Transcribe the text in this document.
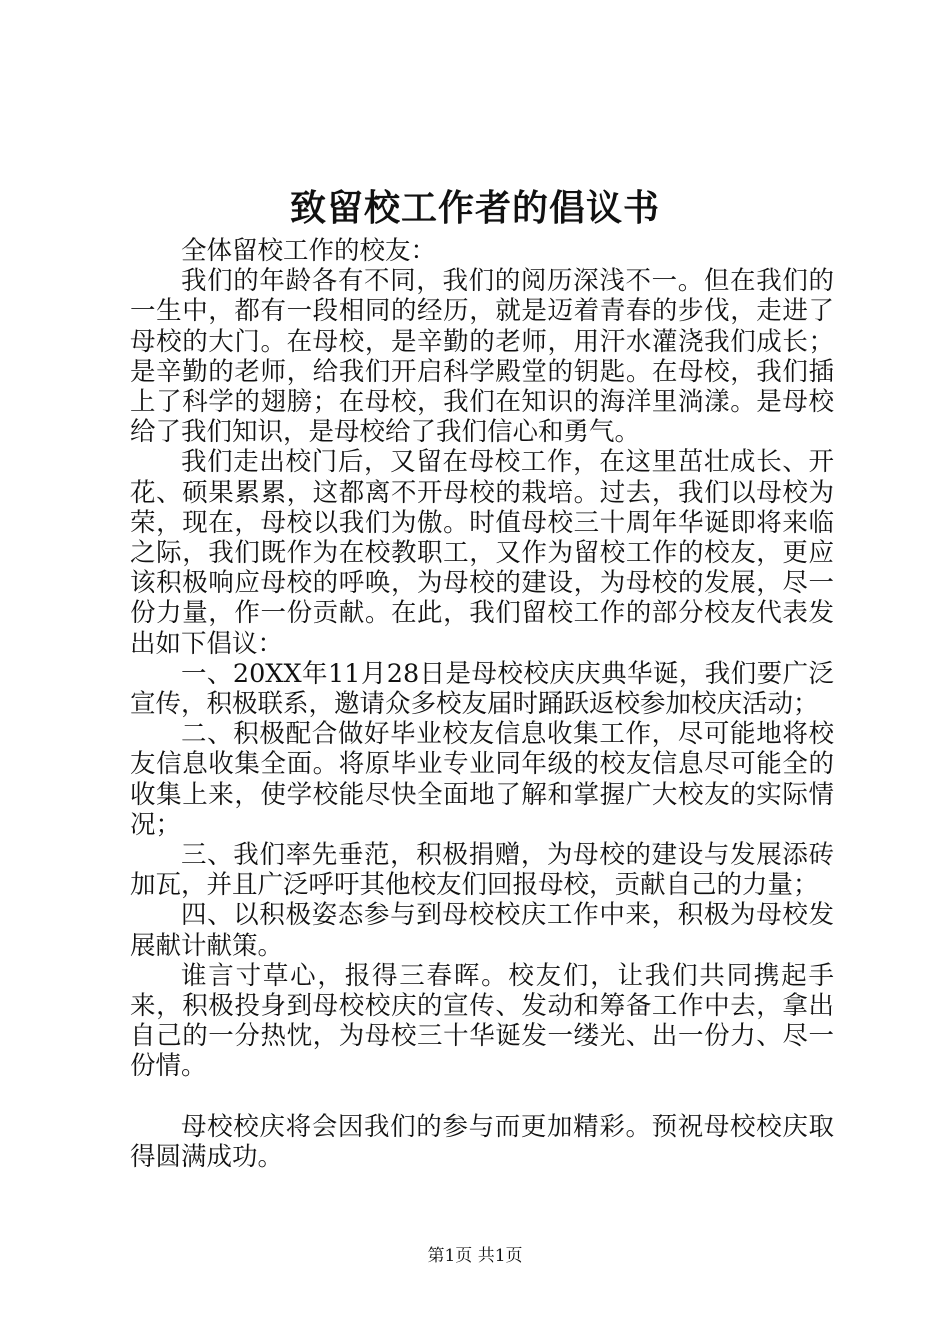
致留校工作者的倡议书

全体留校工作的校友：

我们的年龄各有不同，我们的阅历深浅不一。但在我们的一生中，都有一段相同的经历，就是迈着青春的步伐，走进了母校的大门。在母校，是辛勤的老师，用汗水灌浇我们成长；是辛勤的老师，给我们开启科学殿堂的钥匙。在母校，我们插上了科学的翅膀；在母校，我们在知识的海洋里淌漾。是母校给了我们知识，是母校给了我们信心和勇气。

我们走出校门后，又留在母校工作，在这里茁壮成长、开花、硕果累累，这都离不开母校的栽培。过去，我们以母校为荣，现在，母校以我们为傲。时值母校三十周年华诞即将来临之际，我们既作为在校教职工，又作为留校工作的校友，更应该积极响应母校的呼唤，为母校的建设，为母校的发展，尽一份力量，作一份贡献。在此，我们留校工作的部分校友代表发出如下倡议：

一、20XX年11月28日是母校校庆庆典华诞，我们要广泛宣传，积极联系，邀请众多校友届时踊跃返校参加校庆活动；

二、积极配合做好毕业校友信息收集工作，尽可能地将校友信息收集全面。将原毕业专业同年级的校友信息尽可能全的收集上来，使学校能尽快全面地了解和掌握广大校友的实际情况；

三、我们率先垂范，积极捐赠，为母校的建设与发展添砖加瓦，并且广泛呼吁其他校友们回报母校，贡献自己的力量；

四、以积极姿态参与到母校校庆工作中来，积极为母校发展献计献策。

谁言寸草心，报得三春晖。校友们，让我们共同携起手来，积极投身到母校校庆的宣传、发动和筹备工作中去，拿出自己的一分热忱，为母校三十华诞发一缕光、出一份力、尽一份情。

母校校庆将会因我们的参与而更加精彩。预祝母校校庆取得圆满成功。

第1页 共1页
